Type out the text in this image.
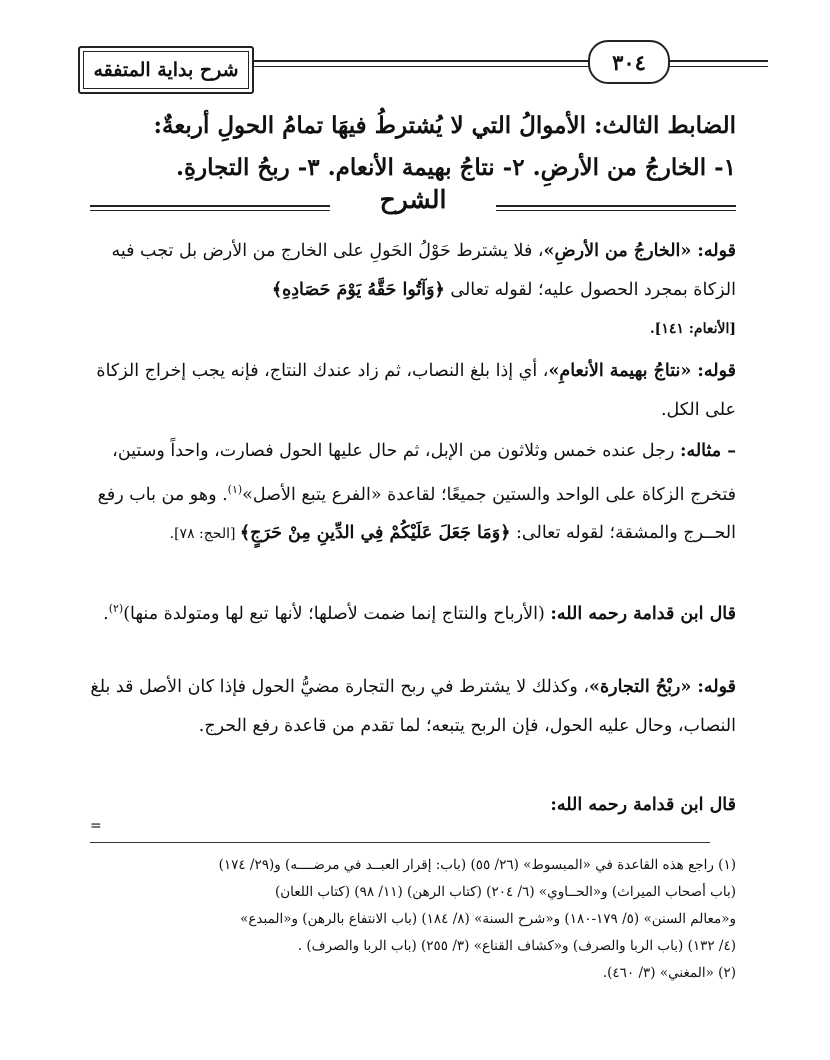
شرح بداية المتفقه	٣٠٤
الضابط الثالث: الأموالُ التي لا يُشترطُ فيهَا تمامُ الحولِ أربعةٌ:
١- الخارجُ من الأرضِ. ٢- نتاجُ بهيمة الأنعام. ٣- ربحُ التجارةِ.
الشرح
قوله: «الخارجُ من الأرضِ»، فلا يشترط حَوْلُ الحَولِ على الخارج من الأرض بل تجب فيه الزكاة بمجرد الحصول عليه؛ لقوله تعالى ﴿وَآتُوا حَقَّهُ يَوْمَ حَصَادِهِ﴾
[الأنعام: ١٤١].
قوله: «نتاجُ بهيمة الأنعامِ»، أي إذا بلغ النصاب، ثم زاد عندك النتاج، فإنه يجب إخراج الزكاة على الكل.
– مثاله: رجل عنده خمس وثلاثون من الإبل، ثم حال عليها الحول فصارت، واحداً وستين، فتخرج الزكاة على الواحد والستين جميعًا؛ لقاعدة «الفرع يتبع الأصل»$^{(١)}$. وهو من باب رفع الحــرج والمشقة؛ لقوله تعالى: ﴿وَمَا جَعَلَ عَلَيْكُمْ فِي الدِّينِ مِنْ حَرَجٍ﴾ [الحج: ٧٨].
قال ابن قدامة رحمه الله: (الأرباح والنتاج إنما ضمت لأصلها؛ لأنها تبع لها ومتولدة منها)$^{(٢)}$.
قوله: «ربْحُ التجارة»، وكذلك لا يشترط في ربح التجارة مضيُّ الحول فإذا كان الأصل قد بلغ النصاب، وحال عليه الحول، فإن الربح يتبعه؛ لما تقدم من قاعدة رفع الحرج.
قال ابن قدامة رحمه الله:
=
(١) راجع هذه القاعدة في «المبسوط» (٢٦/ ٥٥) (باب: إقرار العبــد في مرضــــه) و(٢٩/ ١٧٤)
(باب أصحاب الميراث) و«الحــاوي» (٦/ ٢٠٤) (كتاب الرهن) (١١/ ٩٨) (كتاب اللعان)
و«معالم السنن» (٥/ ١٧٩-١٨٠) و«شرح السنة» (٨/ ١٨٤) (باب الانتفاع بالرهن) و«المبدع»
(٤/ ١٣٢) (باب الربا والصرف) و«كشاف القناع» (٣/ ٢٥٥) (باب الربا والصرف) .
(٢) «المغني» (٣/ ٤٦٠).
